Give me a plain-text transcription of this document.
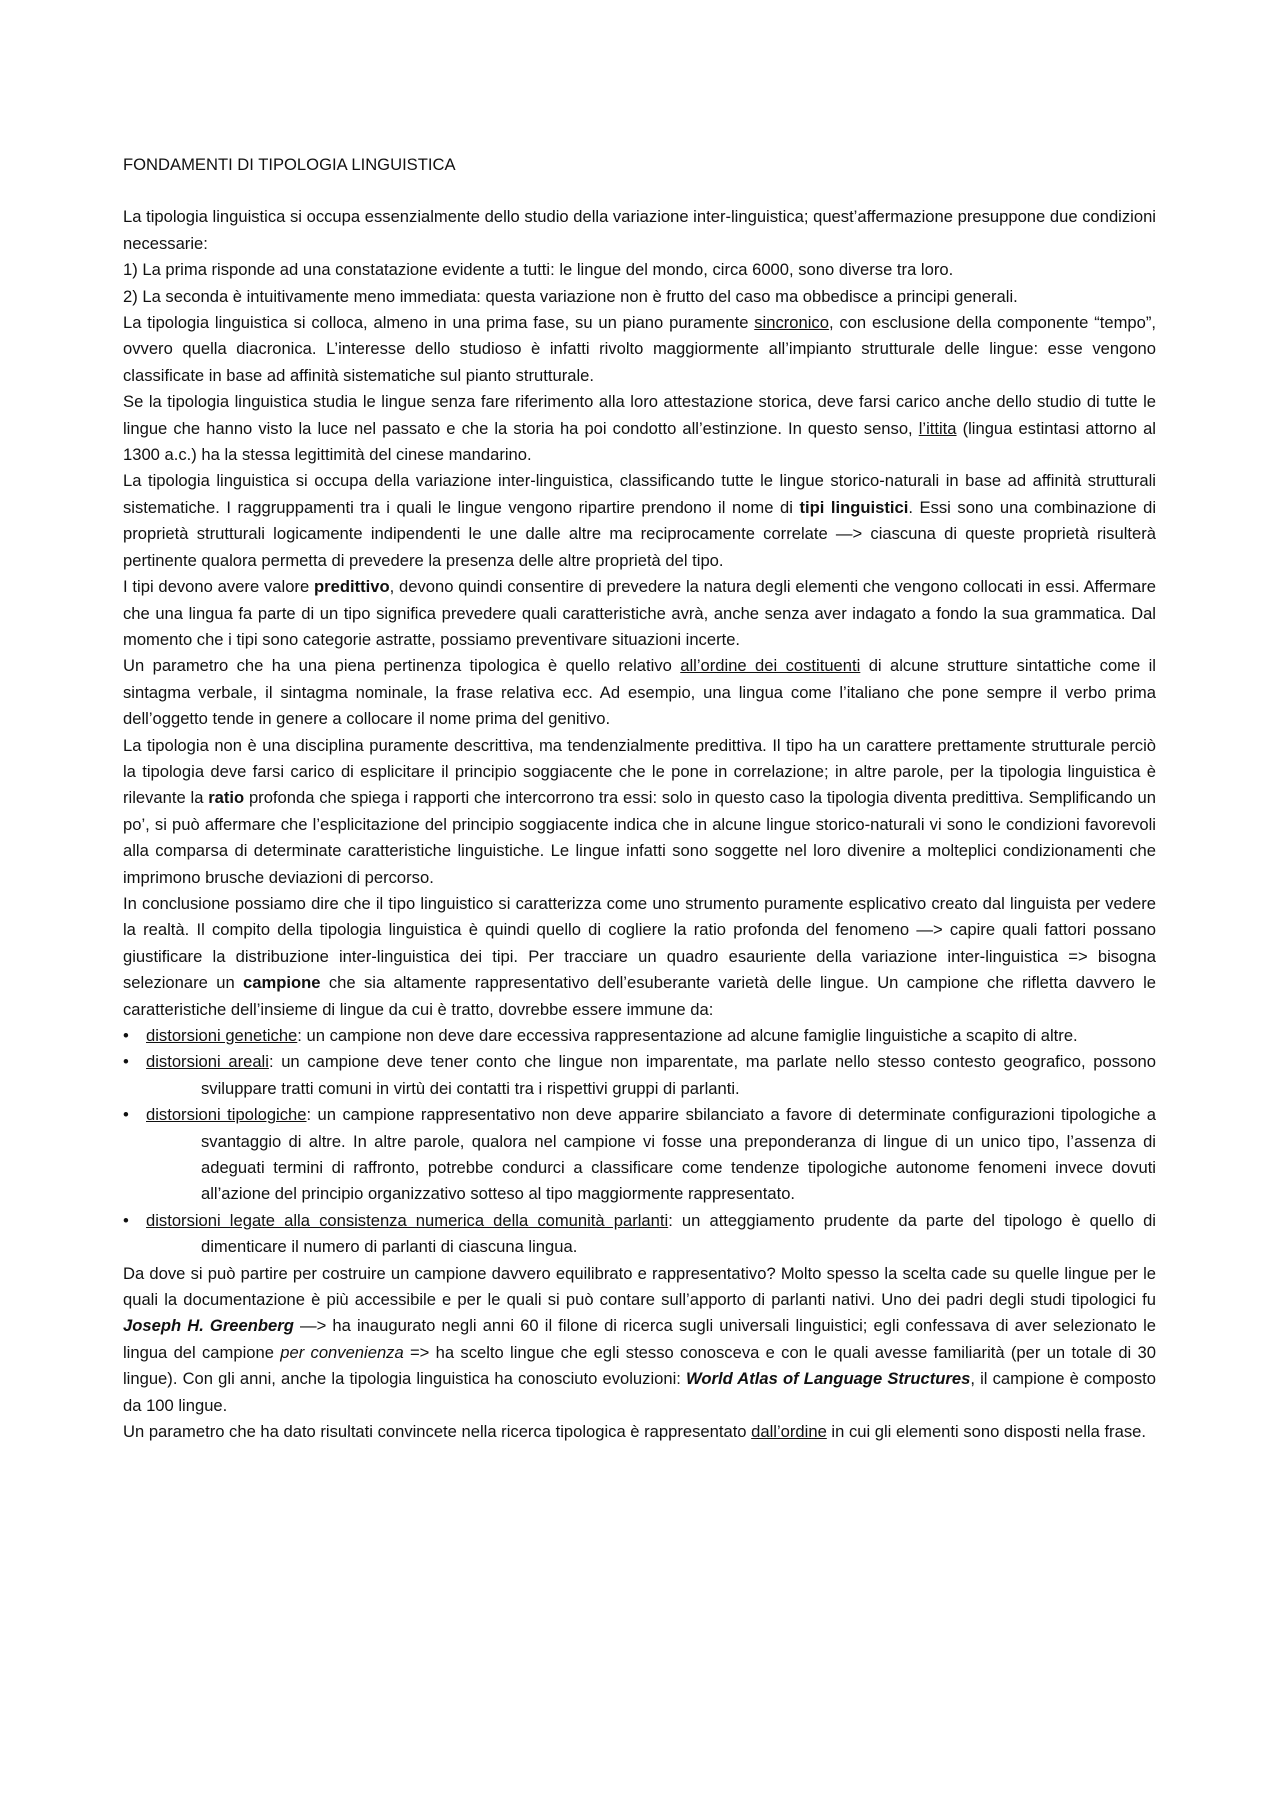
FONDAMENTI DI TIPOLOGIA LINGUISTICA

La tipologia linguistica si occupa essenzialmente dello studio della variazione inter-linguistica; quest’affermazione presuppone due condizioni necessarie:

1) La prima risponde ad una constatazione evidente a tutti: le lingue del mondo, circa 6000, sono diverse tra loro.

2) La seconda è intuitivamente meno immediata: questa variazione non è frutto del caso ma obbedisce a principi generali.

La tipologia linguistica si colloca, almeno in una prima fase, su un piano puramente sincronico, con esclusione della componente “tempo”, ovvero quella diacronica. L’interesse dello studioso è infatti rivolto maggiormente all’impianto strutturale delle lingue: esse vengono classificate in base ad affinità sistematiche sul pianto strutturale.

Se la tipologia linguistica studia le lingue senza fare riferimento alla loro attestazione storica, deve farsi carico anche dello studio di tutte le lingue che hanno visto la luce nel passato e che la storia ha poi condotto all’estinzione. In questo senso, l’ittita (lingua estintasi attorno al 1300 a.c.) ha la stessa legittimità del cinese mandarino.

La tipologia linguistica si occupa della variazione inter-linguistica, classificando tutte le lingue storico-naturali in base ad affinità strutturali sistematiche. I raggruppamenti tra i quali le lingue vengono ripartire prendono il nome di tipi linguistici. Essi sono una combinazione di proprietà strutturali logicamente indipendenti le une dalle altre ma reciprocamente correlate —> ciascuna di queste proprietà risulterà pertinente qualora permetta di prevedere la presenza delle altre proprietà del tipo.

I tipi devono avere valore predittivo, devono quindi consentire di prevedere la natura degli elementi che vengono collocati in essi. Affermare che una lingua fa parte di un tipo significa prevedere quali caratteristiche avrà, anche senza aver indagato a fondo la sua grammatica. Dal momento che i tipi sono categorie astratte, possiamo preventivare situazioni incerte.

Un parametro che ha una piena pertinenza tipologica è quello relativo all’ordine dei costituenti di alcune strutture sintattiche come il sintagma verbale, il sintagma nominale, la frase relativa ecc. Ad esempio, una lingua come l’italiano che pone sempre il verbo prima dell’oggetto tende in genere a collocare il nome prima del genitivo.

La tipologia non è una disciplina puramente descrittiva, ma tendenzialmente predittiva. Il tipo ha un carattere prettamente strutturale perciò la tipologia deve farsi carico di esplicitare il principio soggiacente che le pone in correlazione; in altre parole, per la tipologia linguistica è rilevante la ratio profonda che spiega i rapporti che intercorrono tra essi: solo in questo caso la tipologia diventa predittiva. Semplificando un po’, si può affermare che l’esplicitazione del principio soggiacente indica che in alcune lingue storico-naturali vi sono le condizioni favorevoli alla comparsa di determinate caratteristiche linguistiche. Le lingue infatti sono soggette nel loro divenire a molteplici condizionamenti che imprimono brusche deviazioni di percorso.

In conclusione possiamo dire che il tipo linguistico si caratterizza come uno strumento puramente esplicativo creato dal linguista per vedere la realtà. Il compito della tipologia linguistica è quindi quello di cogliere la ratio profonda del fenomeno —> capire quali fattori possano giustificare la distribuzione inter-linguistica dei tipi. Per tracciare un quadro esauriente della variazione inter-linguistica => bisogna selezionare un campione che sia altamente rappresentativo dell’esuberante varietà delle lingue. Un campione che rifletta davvero le caratteristiche dell’insieme di lingue da cui è tratto, dovrebbe essere immune da:

•	distorsioni genetiche: un campione non deve dare eccessiva rappresentazione ad alcune famiglie linguistiche a scapito di altre.
•	distorsioni areali: un campione deve tener conto che lingue non imparentate, ma parlate nello stesso contesto geografico, possono sviluppare tratti comuni in virtù dei contatti tra i rispettivi gruppi di parlanti.
•	distorsioni tipologiche: un campione rappresentativo non deve apparire sbilanciato a favore di determinate configurazioni tipologiche a svantaggio di altre. In altre parole, qualora nel campione vi fosse una preponderanza di lingue di un unico tipo, l’assenza di adeguati termini di raffronto, potrebbe condurci a classificare come tendenze tipologiche autonome fenomeni invece dovuti all’azione del principio organizzativo sotteso al tipo maggiormente rappresentato.
•	distorsioni legate alla consistenza numerica della comunità parlanti: un atteggiamento prudente da parte del tipologo è quello di dimenticare il numero di parlanti di ciascuna lingua.

Da dove si può partire per costruire un campione davvero equilibrato e rappresentativo? Molto spesso la scelta cade su quelle lingue per le quali la documentazione è più accessibile e per le quali si può contare sull’apporto di parlanti nativi. Uno dei padri degli studi tipologici fu Joseph H. Greenberg —> ha inaugurato negli anni 60 il filone di ricerca sugli universali linguistici; egli confessava di aver selezionato le lingua del campione per convenienza => ha scelto lingue che egli stesso conosceva e con le quali avesse familiarità (per un totale di 30 lingue). Con gli anni, anche la tipologia linguistica ha conosciuto evoluzioni: World Atlas of Language Structures, il campione è composto da 100 lingue.

Un parametro che ha dato risultati convincete nella ricerca tipologica è rappresentato dall’ordine in cui gli elementi sono disposti nella frase.
